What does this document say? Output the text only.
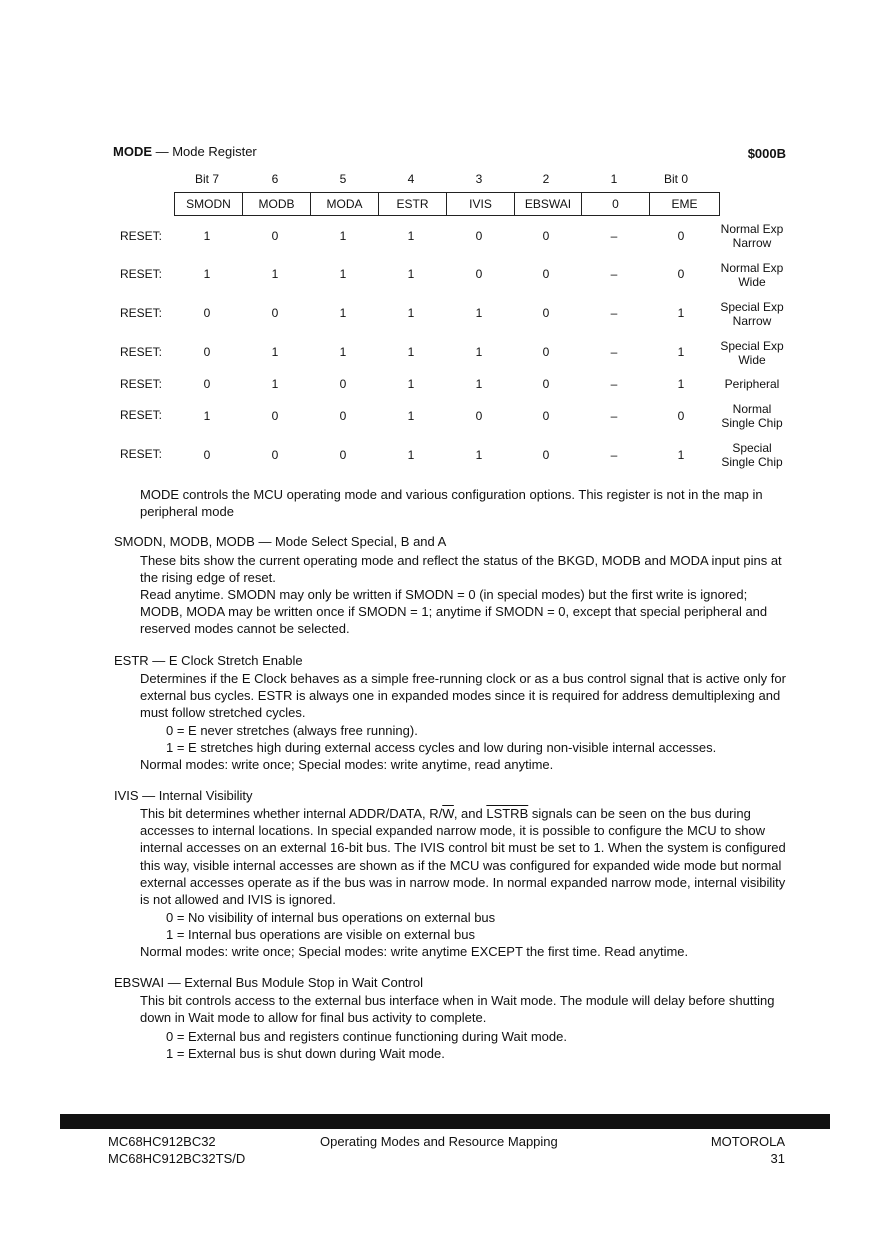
MODE — Mode Register	$000B
Bit 7	6	5	4	3	2	1	Bit 0
SMODN	MODB	MODA	ESTR	IVIS	EBSWAI	0	EME
RESET:	1	0	1	1	0	0	–	0	Normal Exp
Narrow
RESET:	1	1	1	1	0	0	–	0	Normal Exp
Wide
RESET:	0	0	1	1	1	0	–	1	Special Exp
Narrow
RESET:	0	1	1	1	1	0	–	1	Special Exp
Wide
RESET:	0	1	0	1	1	0	–	1	Peripheral
RESET:	1	0	0	1	0	0	–	0	Normal
Single Chip
RESET:	0	0	0	1	1	0	–	1	Special
Single Chip
MODE controls the MCU operating mode and various configuration options. This register is not in the map in peripheral mode
SMODN, MODB, MODB — Mode Select Special, B and A
These bits show the current operating mode and reflect the status of the BKGD, MODB and MODA input pins at the rising edge of reset.
Read anytime. SMODN may only be written if SMODN = 0 (in special modes) but the first write is ignored; MODB, MODA may be written once if SMODN = 1; anytime if SMODN = 0, except that special peripheral and reserved modes cannot be selected.
ESTR — E Clock Stretch Enable
Determines if the E Clock behaves as a simple free-running clock or as a bus control signal that is active only for external bus cycles. ESTR is always one in expanded modes since it is required for address demultiplexing and must follow stretched cycles.
0 = E never stretches (always free running).
1 = E stretches high during external access cycles and low during non-visible internal accesses.
Normal modes: write once; Special modes: write anytime, read anytime.
IVIS — Internal Visibility
This bit determines whether internal ADDR/DATA, $R/\overline{W}$, and LSTRB signals can be seen on the bus during accesses to internal locations. In special expanded narrow mode, it is possible to configure the MCU to show internal accesses on an external 16-bit bus. The IVIS control bit must be set to 1. When the system is configured this way, visible internal accesses are shown as if the MCU was configured for expanded wide mode but normal external accesses operate as if the bus was in narrow mode. In normal expanded narrow mode, internal visibility is not allowed and IVIS is ignored.
0 = No visibility of internal bus operations on external bus
1 = Internal bus operations are visible on external bus
Normal modes: write once; Special modes: write anytime EXCEPT the first time. Read anytime.
EBSWAI — External Bus Module Stop in Wait Control
This bit controls access to the external bus interface when in Wait mode. The module will delay before shutting down in Wait mode to allow for final bus activity to complete.
0 = External bus and registers continue functioning during Wait mode.
1 = External bus is shut down during Wait mode.
MC68HC912BC32
MC68HC912BC32TS/D
Operating Modes and Resource Mapping	MOTOROLA
31
